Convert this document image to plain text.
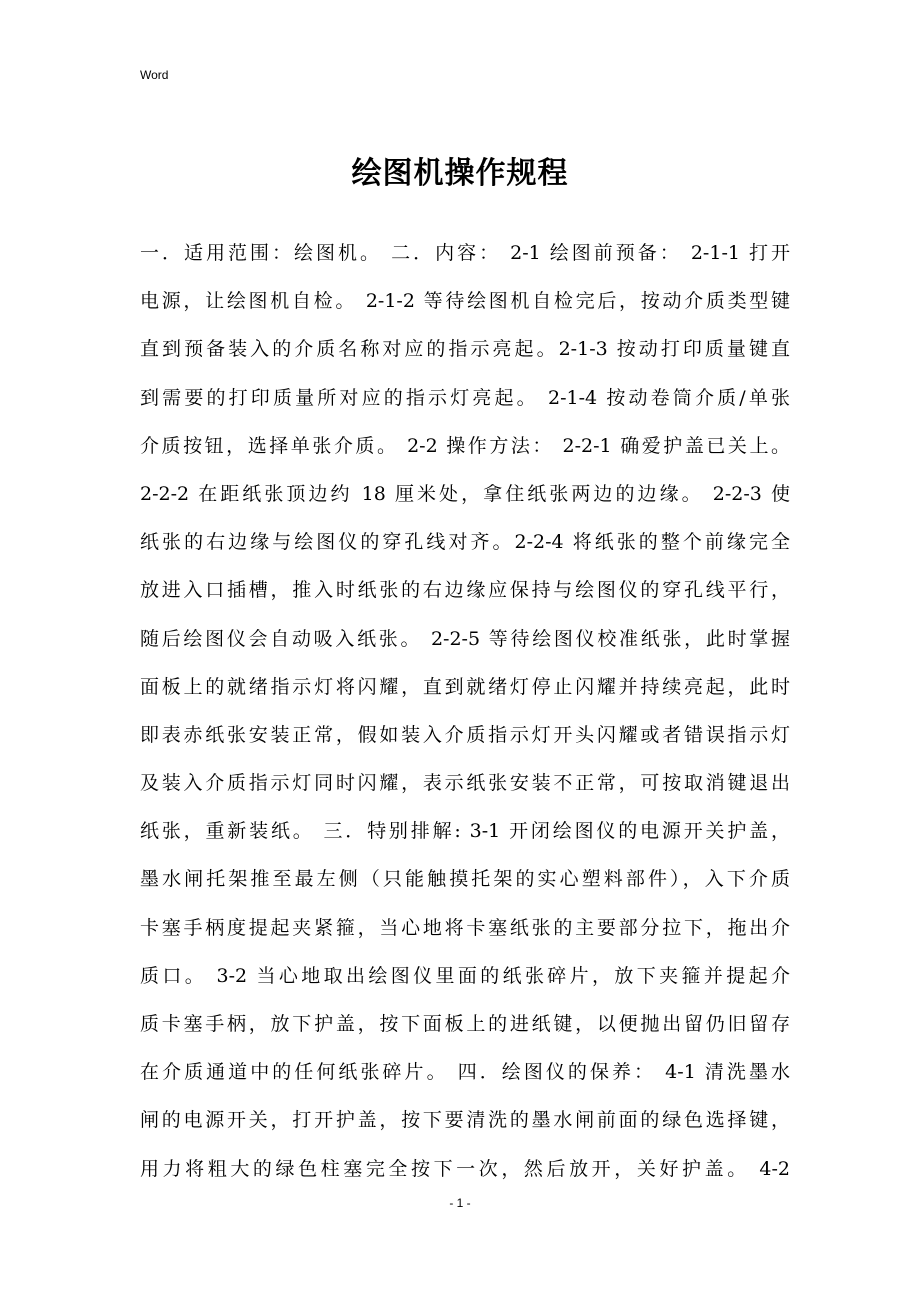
Word
绘图机操作规程
一．适用范围：绘图机。 二．内容： 2-1 绘图前预备： 2-1-1 打开
电源，让绘图机自检。 2-1-2 等待绘图机自检完后，按动介质类型键
直到预备装入的介质名称对应的指示亮起。2-1-3 按动打印质量键直
到需要的打印质量所对应的指示灯亮起。 2-1-4 按动卷筒介质/单张
介质按钮，选择单张介质。 2-2 操作方法： 2-2-1 确爱护盖已关上。
2-2-2 在距纸张顶边约 18 厘米处，拿住纸张两边的边缘。 2-2-3 使
纸张的右边缘与绘图仪的穿孔线对齐。2-2-4 将纸张的整个前缘完全
放进入口插槽，推入时纸张的右边缘应保持与绘图仪的穿孔线平行，
随后绘图仪会自动吸入纸张。 2-2-5 等待绘图仪校准纸张，此时掌握
面板上的就绪指示灯将闪耀，直到就绪灯停止闪耀并持续亮起，此时
即表赤纸张安装正常，假如装入介质指示灯开头闪耀或者错误指示灯
及装入介质指示灯同时闪耀，表示纸张安装不正常，可按取消键退出
纸张，重新装纸。 三．特别排解: 3-1 开闭绘图仪的电源开关护盖，
墨水闸托架推至最左侧（只能触摸托架的实心塑料部件），入下介质
卡塞手柄度提起夹紧箍，当心地将卡塞纸张的主要部分拉下，拖出介
质口。 3-2 当心地取出绘图仪里面的纸张碎片，放下夹箍并提起介
质卡塞手柄，放下护盖，按下面板上的进纸键，以便抛出留仍旧留存
在介质通道中的任何纸张碎片。 四．绘图仪的保养： 4-1 清洗墨水
闸的电源开关，打开护盖，按下要清洗的墨水闸前面的绿色选择键，
用力将粗大的绿色柱塞完全按下一次，然后放开，关好护盖。 4-2
- 1 -
